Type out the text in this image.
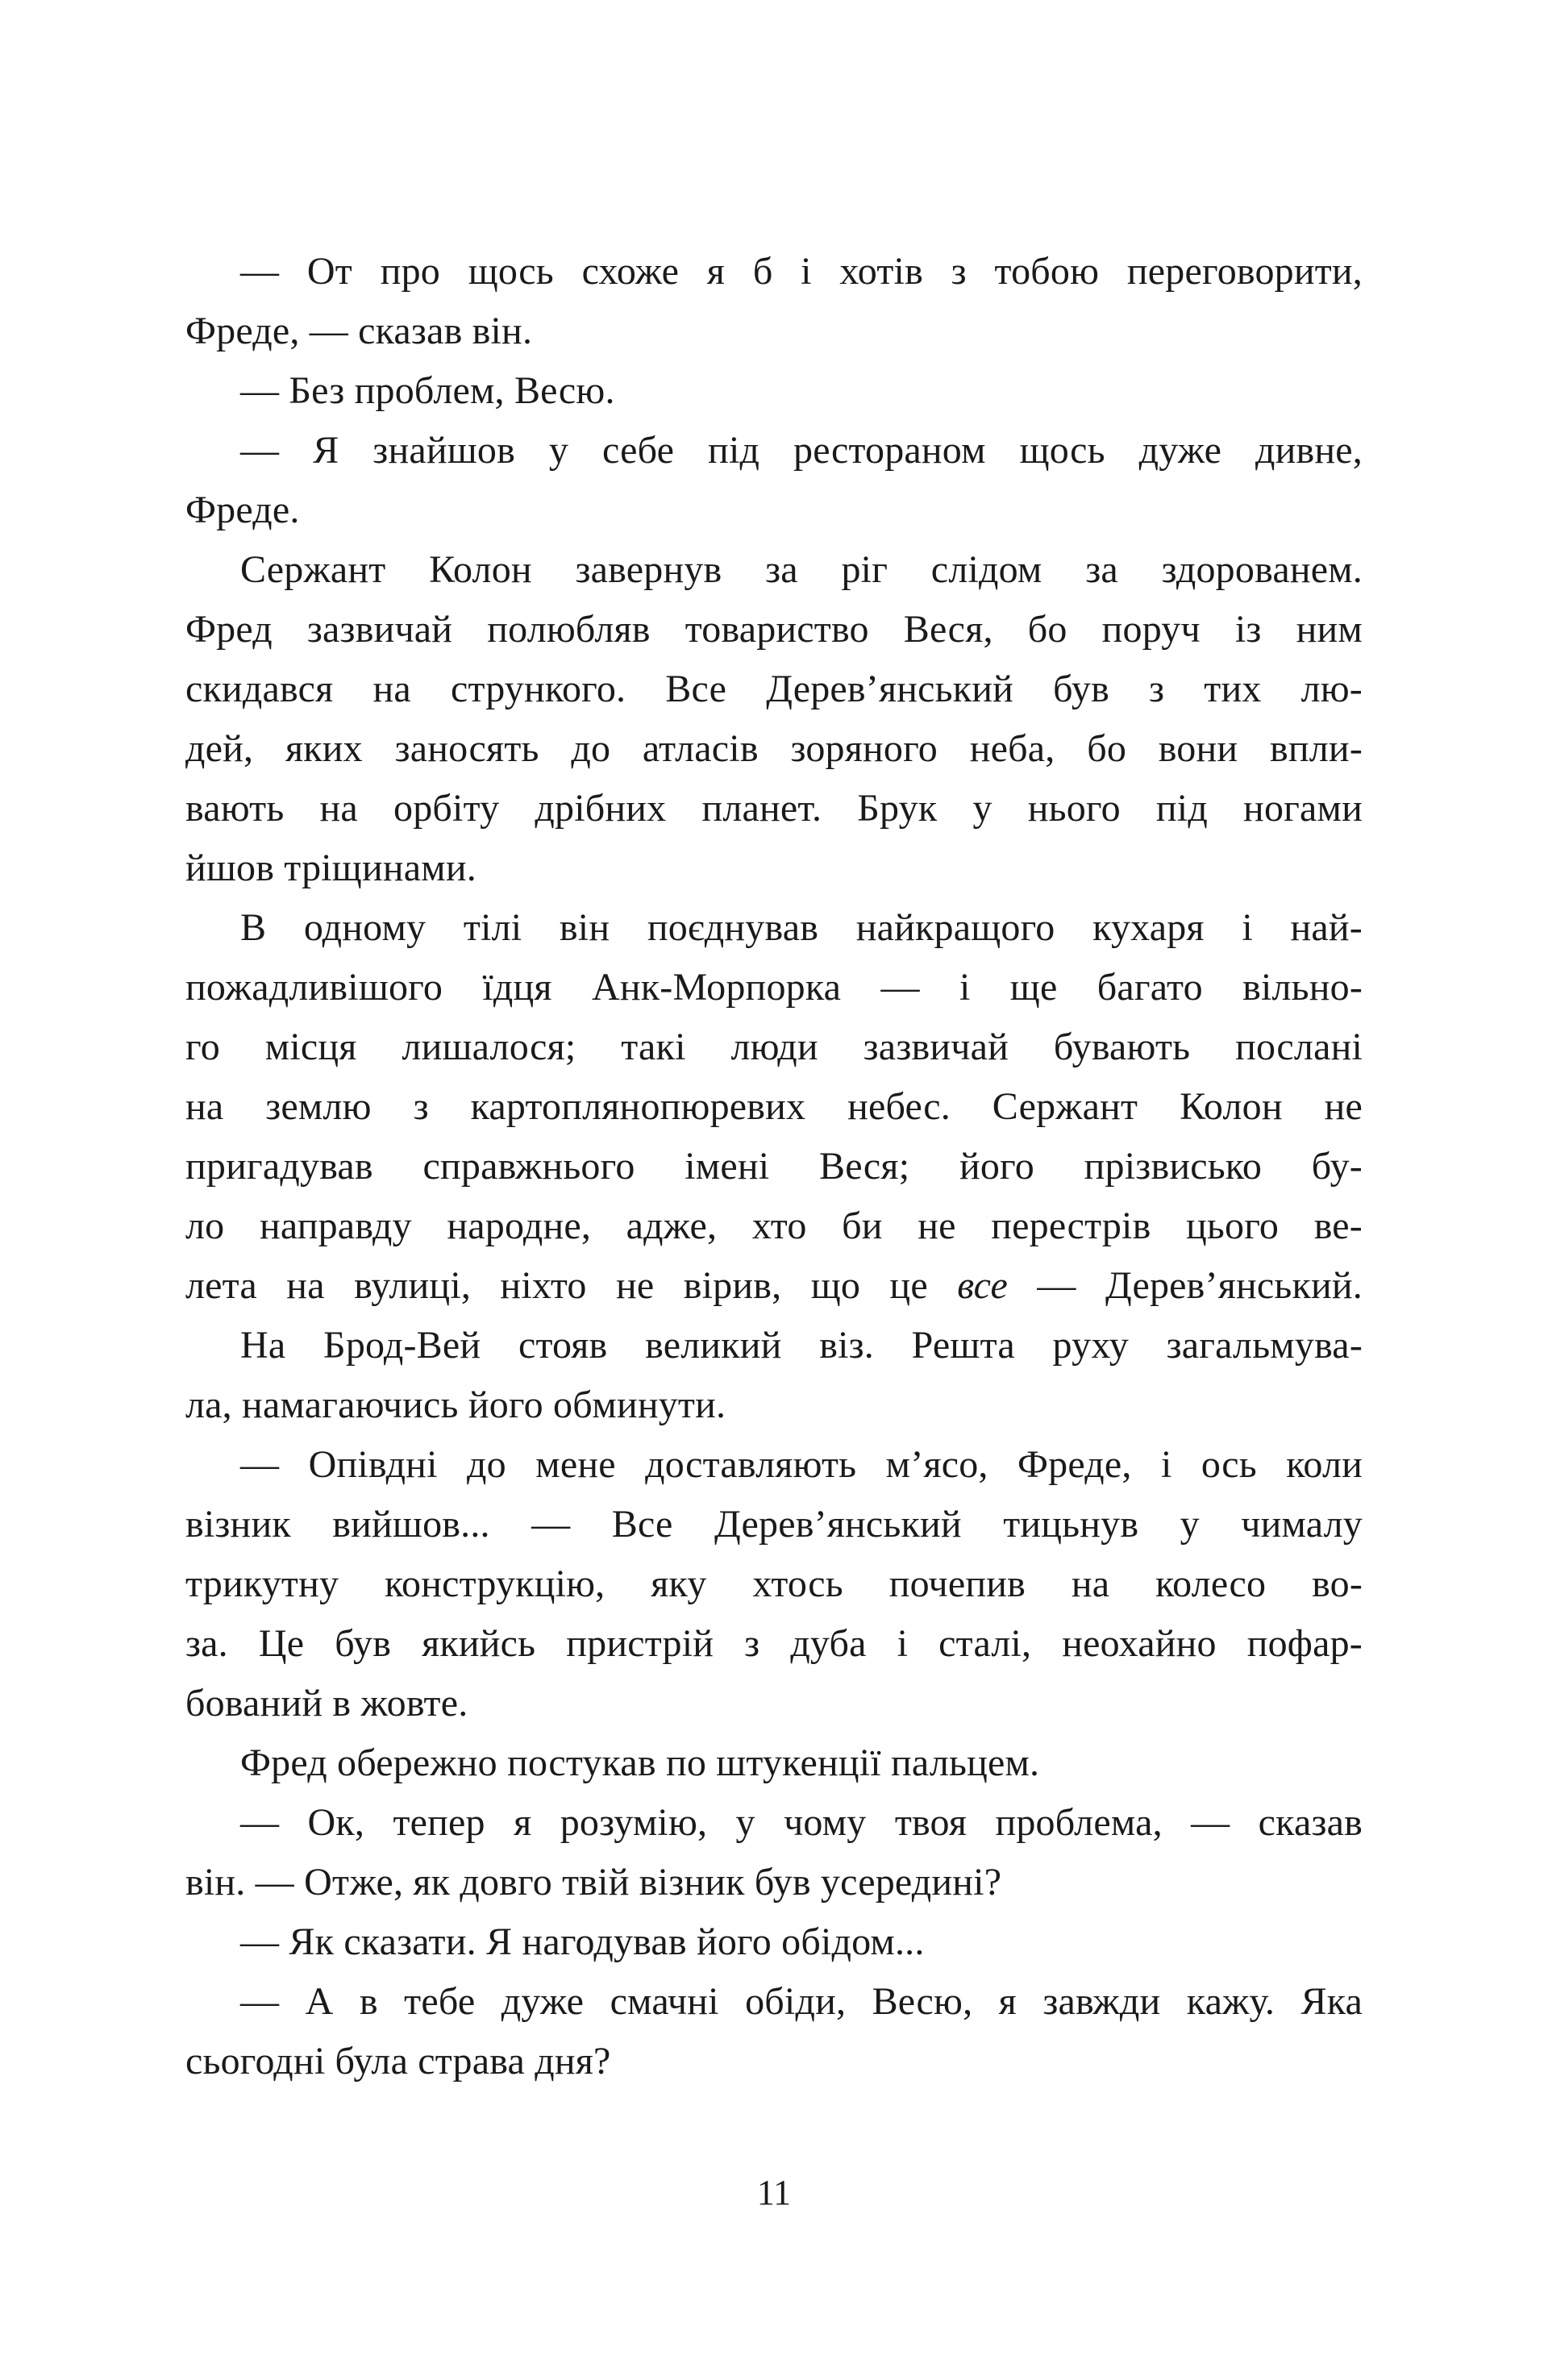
— От про щось схоже я б і хотів з тобою переговорити,
Фреде, — сказав він.
— Без проблем, Весю.
— Я знайшов у себе під рестораном щось дуже дивне,
Фреде.
Сержант Колон завернув за ріг слідом за здорованем.
Фред зазвичай полюбляв товариство Веся, бо поруч із ним
скидався на стрункого. Все Дерев’янський був з тих лю-
дей, яких заносять до атласів зоряного неба, бо вони впли-
вають на орбіту дрібних планет. Брук у нього під ногами
йшов тріщинами.
В одному тілі він поєднував найкращого кухаря і най-
пожадливішого їдця Анк-Морпорка — і ще багато вільно-
го місця лишалося; такі люди зазвичай бувають послані
на землю з картоплянопюревих небес. Сержант Колон не
пригадував справжнього імені Веся; його прізвисько бу-
ло направду народне, адже, хто би не перестрів цього ве-
лета на вулиці, ніхто не вірив, що це все — Дерев’янський.
На Брод-Вей стояв великий віз. Решта руху загальмува-
ла, намагаючись його обминути.
— Опівдні до мене доставляють м’ясо, Фреде, і ось коли
візник вийшов... — Все Дерев’янський тицьнув у чималу
трикутну конструкцію, яку хтось почепив на колесо во-
за. Це був якийсь пристрій з дуба і сталі, неохайно пофар-
бований в жовте.
Фред обережно постукав по штукенції пальцем.
— Ок, тепер я розумію, у чому твоя проблема, — сказав
він. — Отже, як довго твій візник був усередині?
— Як сказати. Я нагодував його обідом...
— А в тебе дуже смачні обіди, Весю, я завжди кажу. Яка
сьогодні була страва дня?
11
